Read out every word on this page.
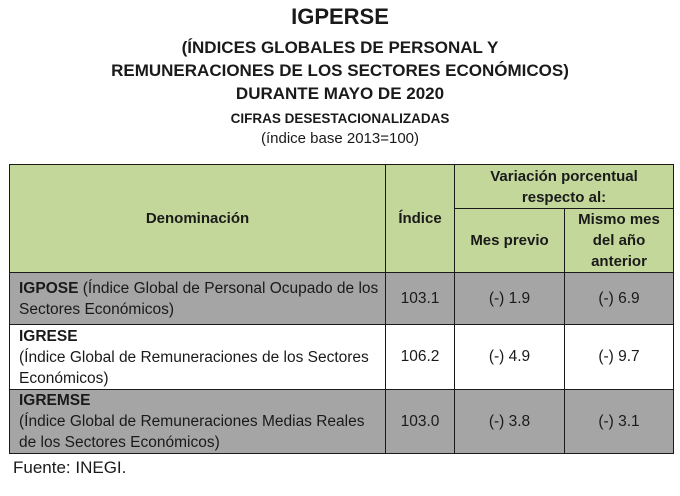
IGPERSE
(ÍNDICES GLOBALES DE PERSONAL Y
REMUNERACIONES DE LOS SECTORES ECONÓMICOS)
DURANTE MAYO DE 2020
CIFRAS DESESTACIONALIZADAS
(índice base 2013=100)
Denominación	Índice	Variación porcentual respecto al:	
		Mes previo	Mismo mes del año anterior
IGPOSE (Índice Global de Personal Ocupado de los Sectores Económicos)	103.1	(-) 1.9	(-) 6.9

IGRESE
(Índice Global de Remuneraciones de los Sectores Económicos)	106.2	(-) 4.9	(-) 9.7

IGREMSE
(Índice Global de Remuneraciones Medias Reales de los Sectores Económicos)	103.0	(-) 3.8	(-) 3.1
Fuente: INEGI.
